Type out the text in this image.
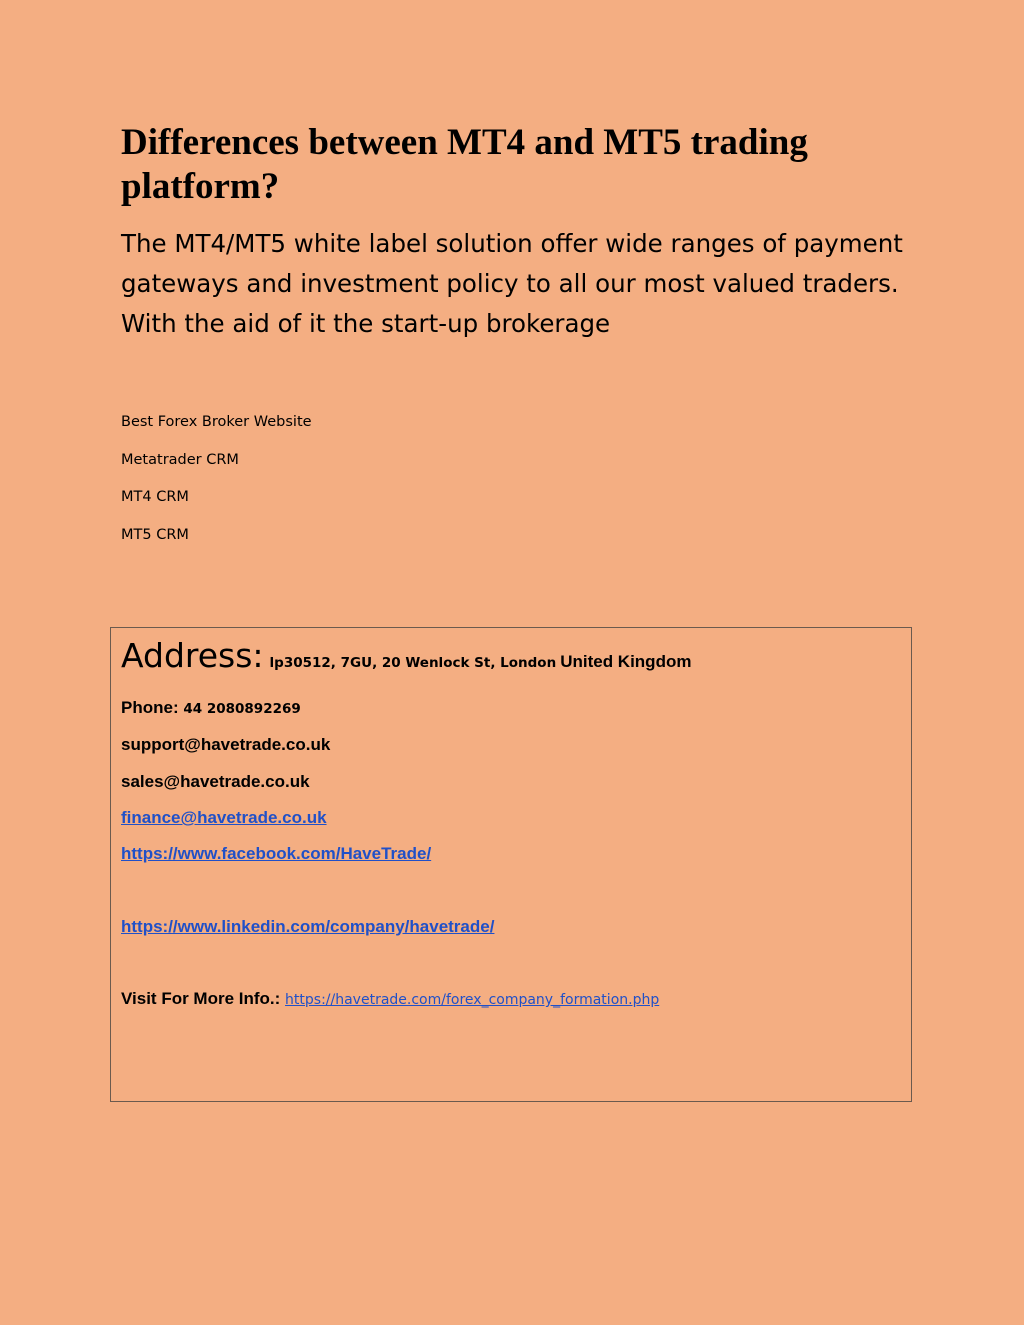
Differences between MT4 and MT5 trading platform?

The MT4/MT5 white label solution offer wide ranges of payment gateways and investment policy to all our most valued traders. With the aid of it the start-up brokerage

Best Forex Broker Website
Metatrader CRM
MT4 CRM
MT5 CRM
Address: lp30512, 7GU, 20 Wenlock St, London United Kingdom
Phone: 44 2080892269
support@havetrade.co.uk
sales@havetrade.co.uk
finance@havetrade.co.uk
https://www.facebook.com/HaveTrade/
https://www.linkedin.com/company/havetrade/
Visit For More Info.: https://havetrade.com/forex_company_formation.php
